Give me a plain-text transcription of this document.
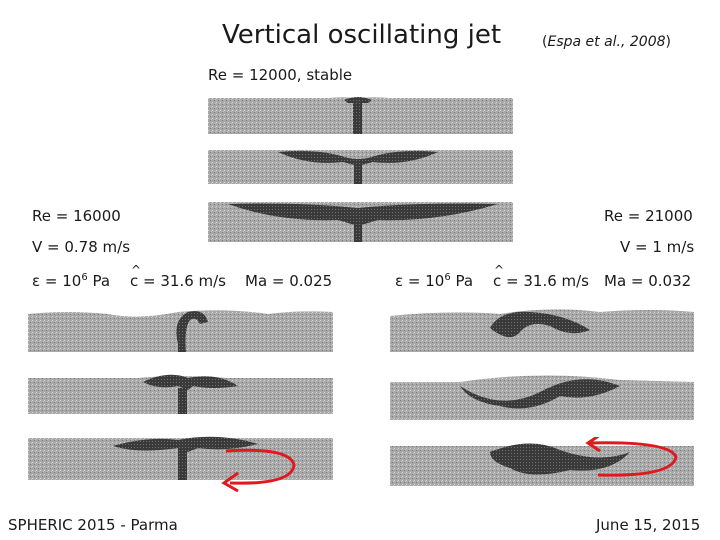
Vertical oscillating jet	(Espa et al., 2008)
Re = 12000, stable
Re = 16000
V = 0.78 m/s
$\varepsilon = 10^6$ Pa ^ c = 31.6 m/s Ma = 0.025
Re = 21000
V = 1 m/s
$\varepsilon = 10^6$ Pa ^ c = 31.6 m/s Ma = 0.032
SPHERIC 2015 - Parma	June 15, 2015
